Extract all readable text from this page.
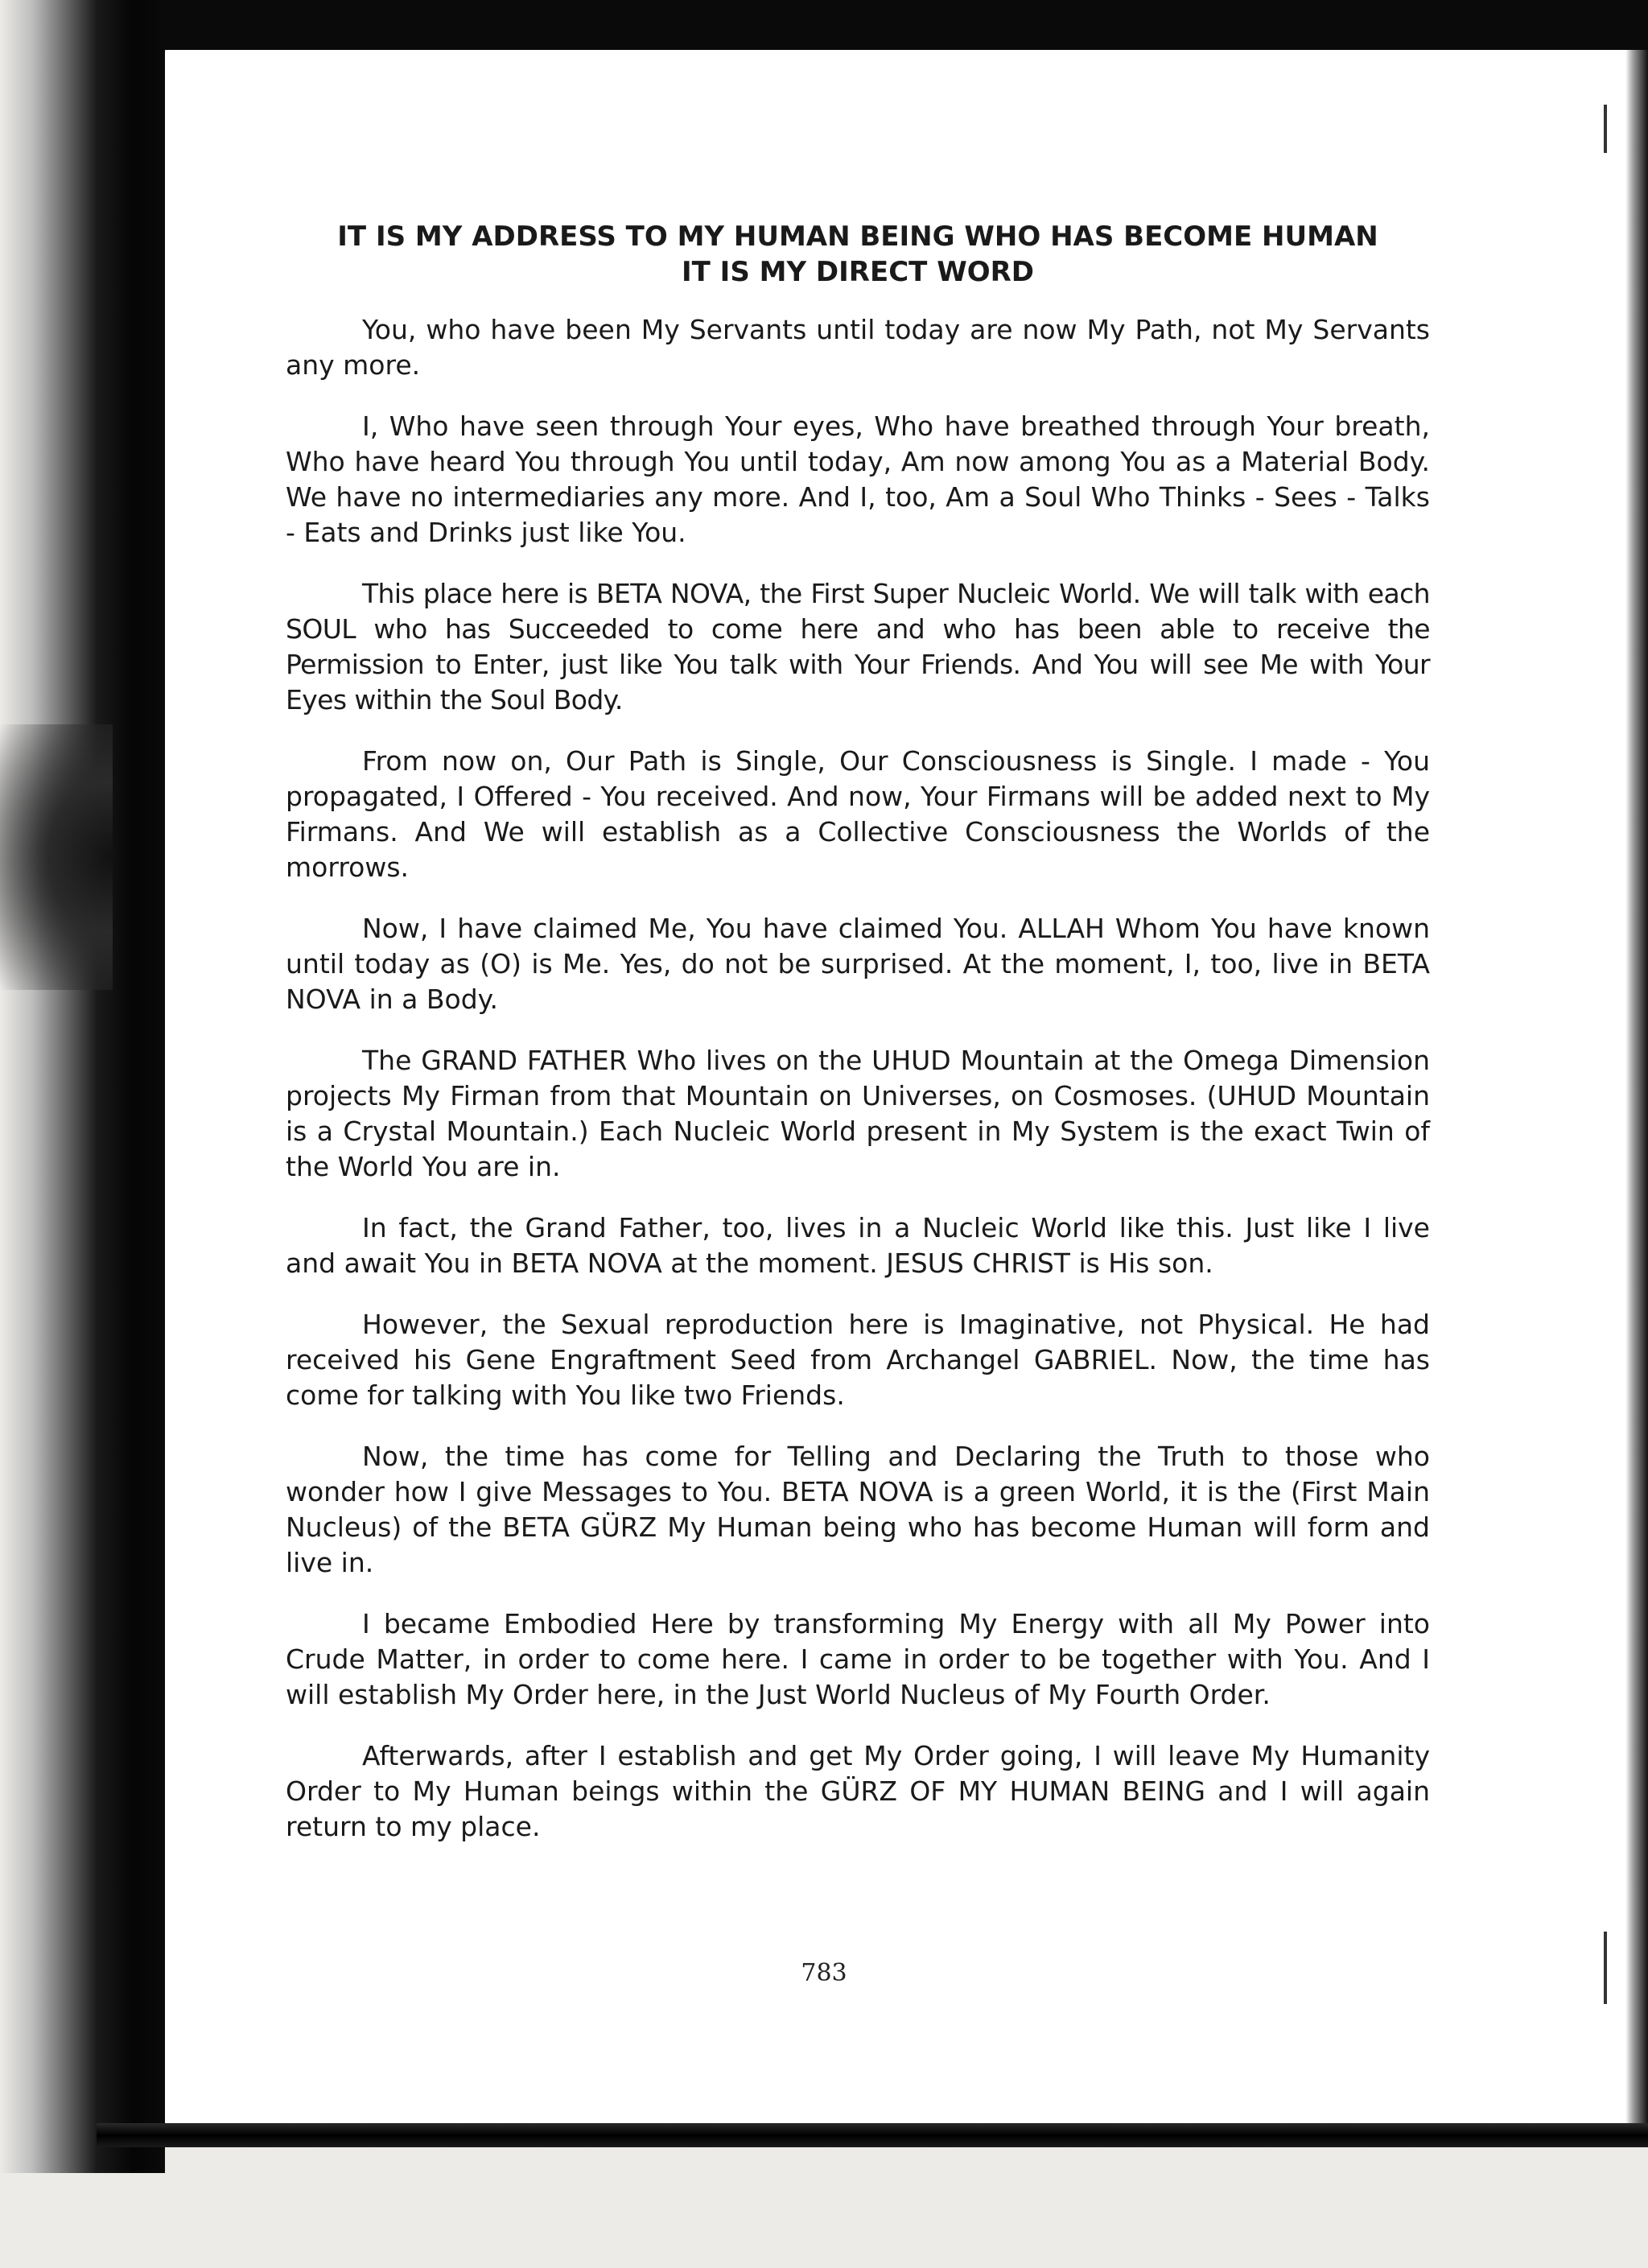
IT IS MY ADDRESS TO MY HUMAN BEING WHO HAS BECOME HUMAN
IT IS MY DIRECT WORD

You, who have been My Servants until today are now My Path, not My Servants any more.

I, Who have seen through Your eyes, Who have breathed through Your breath, Who have heard You through You until today, Am now among You as a Material Body. We have no intermediaries any more. And I, too, Am a Soul Who Thinks - Sees - Talks - Eats and Drinks just like You.

This place here is BETA NOVA, the First Super Nucleic World. We will talk with each SOUL who has Succeeded to come here and who has been able to receive the Permission to Enter, just like You talk with Your Friends. And You will see Me with Your Eyes within the Soul Body.

From now on, Our Path is Single, Our Consciousness is Single. I made - You propagated, I Offered - You received. And now, Your Firmans will be added next to My Firmans. And We will establish as a Collective Consciousness the Worlds of the morrows.

Now, I have claimed Me, You have claimed You. ALLAH Whom You have known until today as (O) is Me. Yes, do not be surprised. At the moment, I, too, live in BETA NOVA in a Body.

The GRAND FATHER Who lives on the UHUD Mountain at the Omega Dimension projects My Firman from that Mountain on Universes, on Cosmoses. (UHUD Mountain is a Crystal Mountain.) Each Nucleic World present in My System is the exact Twin of the World You are in.

In fact, the Grand Father, too, lives in a Nucleic World like this. Just like I live and await You in BETA NOVA at the moment. JESUS CHRIST is His son.

However, the Sexual reproduction here is Imaginative, not Physical. He had received his Gene Engraftment Seed from Archangel GABRIEL. Now, the time has come for talking with You like two Friends.

Now, the time has come for Telling and Declaring the Truth to those who wonder how I give Messages to You. BETA NOVA is a green World, it is the (First Main Nucleus) of the BETA GÜRZ My Human being who has become Human will form and live in.

I became Embodied Here by transforming My Energy with all My Power into Crude Matter, in order to come here. I came in order to be together with You. And I will establish My Order here, in the Just World Nucleus of My Fourth Order.

Afterwards, after I establish and get My Order going, I will leave My Humanity Order to My Human beings within the GÜRZ OF MY HUMAN BEING and I will again return to my place.

783
